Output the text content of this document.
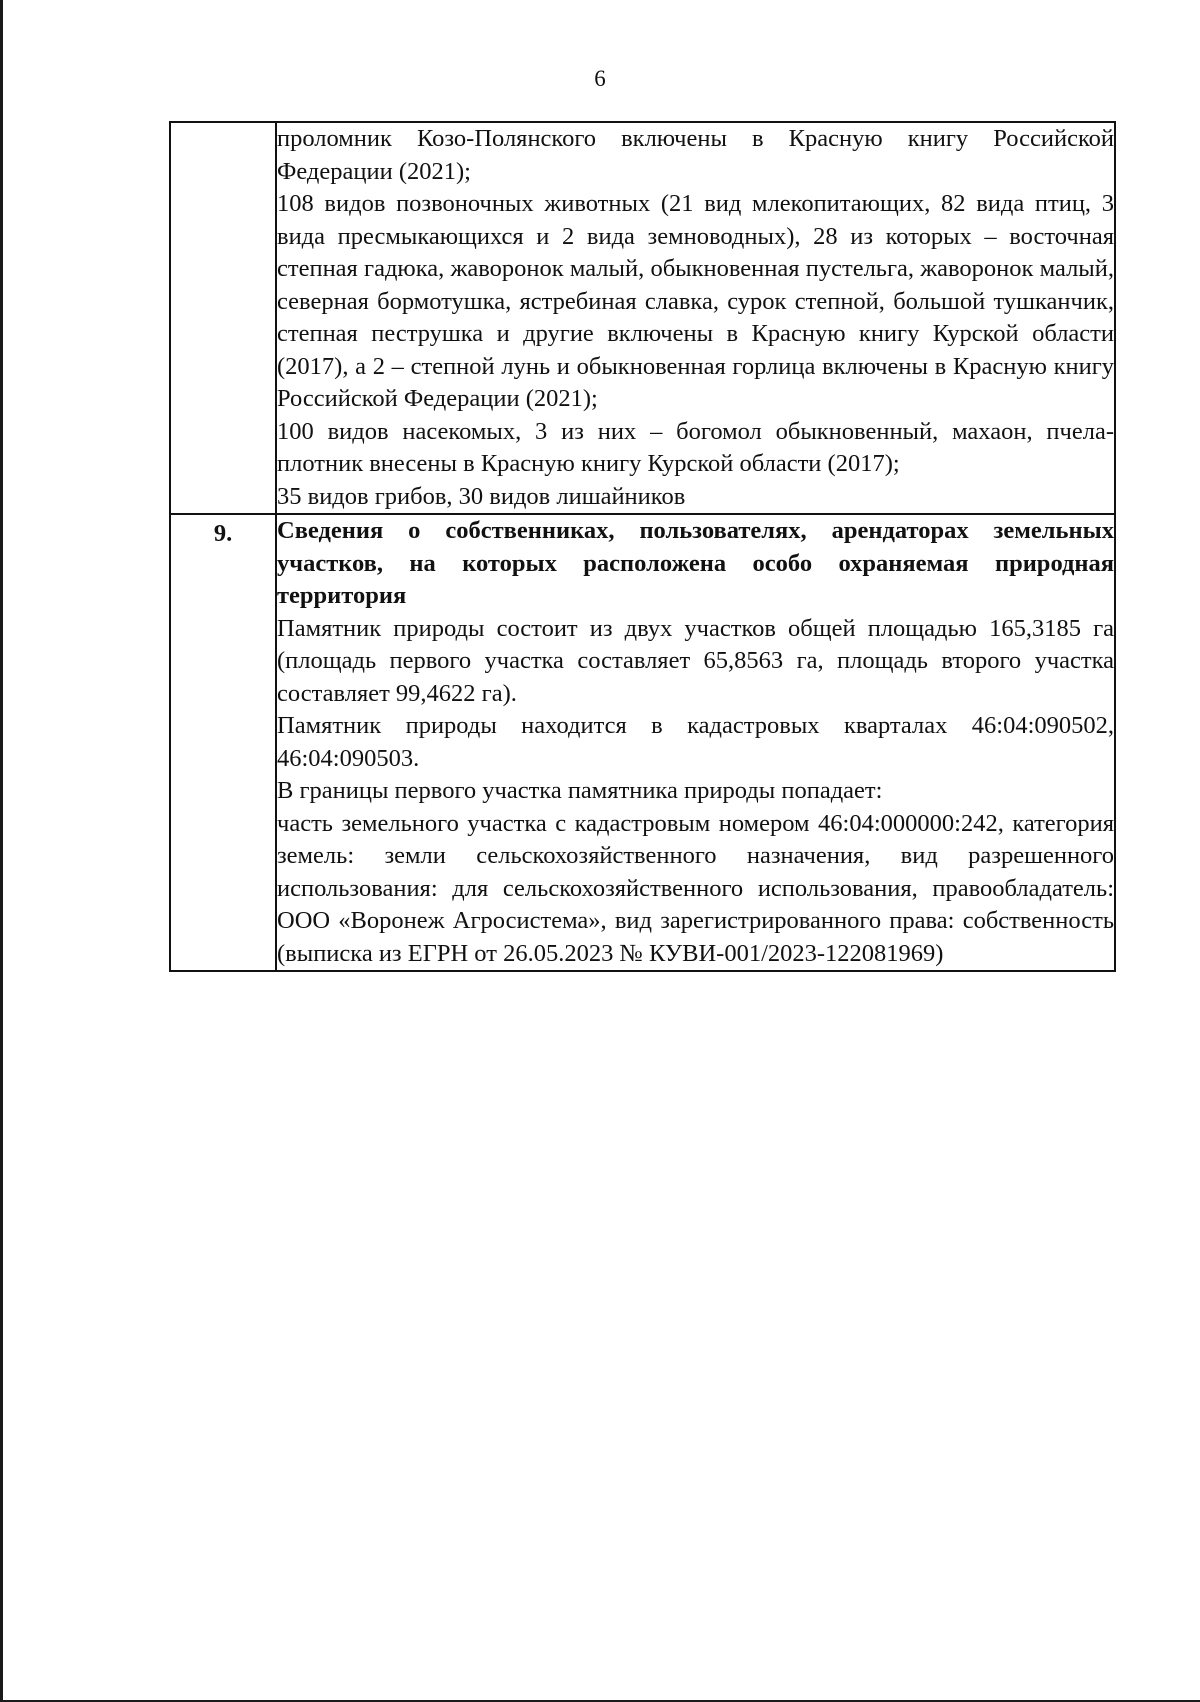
6

	проломник Козо-Полянского включены в Красную книгу Российской Федерации (2021);

108 видов позвоночных животных (21 вид млекопитающих, 82 вида птиц, 3 вида пресмыкающихся и 2 вида земноводных), 28 из которых – восточная степная гадюка, жаворонок малый, обыкновенная пустельга, жаворонок малый, северная бормотушка, ястребиная славка, сурок степной, большой тушканчик, степная пеструшка и другие включены в Красную книгу Курской области (2017), а 2 – степной лунь и обыкновенная горлица включены в Красную книгу Российской Федерации (2021);

100 видов насекомых, 3 из них – богомол обыкновенный, махаон, пчела-плотник внесены в Красную книгу Курской области (2017);

35 видов грибов, 30 видов лишайников

9.	Сведения о собственниках, пользователях, арендаторах земельных участков, на которых расположена особо охраняемая природная территория

Памятник природы состоит из двух участков общей площадью 165,3185 га (площадь первого участка составляет 65,8563 га, площадь второго участка составляет 99,4622 га).

Памятник природы находится в кадастровых кварталах 46:04:090502, 46:04:090503.

В границы первого участка памятника природы попадает:

часть земельного участка с кадастровым номером 46:04:000000:242, категория земель: земли сельскохозяйственного назначения, вид разрешенного использования: для сельскохозяйственного использования, правообладатель: ООО «Воронеж Агросистема», вид зарегистрированного права: собственность (выписка из ЕГРН от 26.05.2023 № КУВИ-001/2023-122081969)
